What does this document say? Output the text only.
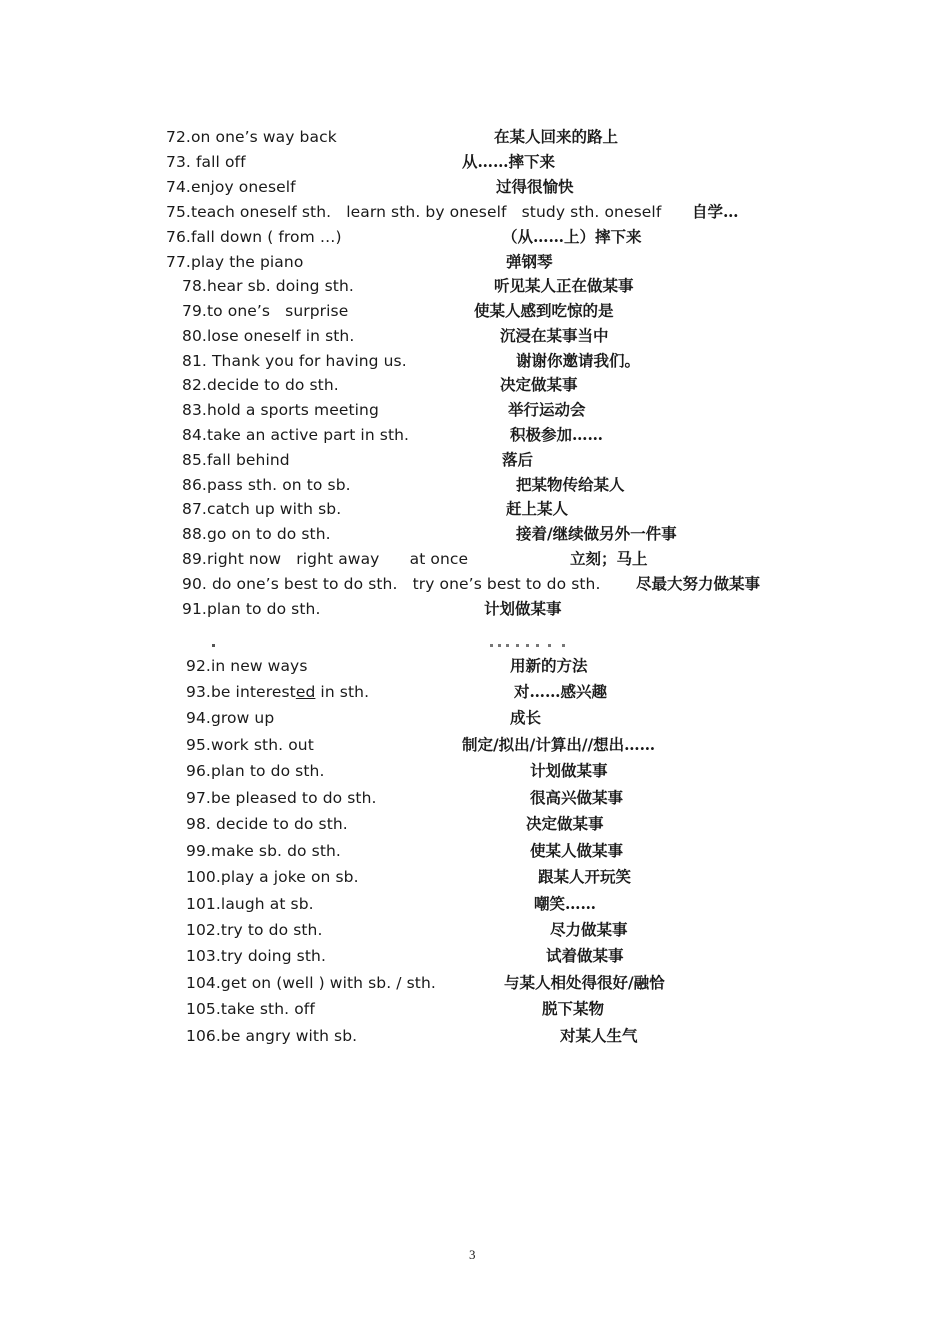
72.on one’s way back	在某人回来的路上
73. fall off	从……摔下来
74.enjoy oneself	过得很愉快
75.teach oneself sth.   learn sth. by oneself   study sth. oneself 自学…
76.fall down ( from …)	（从……上）摔下来
77.play the piano	弹钢琴
78.hear sb. doing sth.	听见某人正在做某事
79.to one’s   surprise	使某人感到吃惊的是
80.lose oneself in sth.	沉浸在某事当中
81. Thank you for having us.	谢谢你邀请我们。
82.decide to do sth.	决定做某事
83.hold a sports meeting	举行运动会
84.take an active part in sth.	积极参加……
85.fall behind	落后
86.pass sth. on to sb.	把某物传给某人
87.catch up with sb.	赶上某人
88.go on to do sth.	接着/继续做另外一件事
89.right now   right away      at once	立刻；马上
90. do one’s best to do sth.   try one’s best to do sth. 尽最大努力做某事
91.plan to do sth.	计划做某事
92.in new ways	用新的方法
93.be interested in sth.	对……感兴趣
94.grow up	成长
95.work sth. out	制定/拟出/计算出//想出……
96.plan to do sth.	计划做某事
97.be pleased to do sth.	很高兴做某事
98. decide to do sth.	决定做某事
99.make sb. do sth.	使某人做某事
100.play a joke on sb.	跟某人开玩笑
101.laugh at sb.	嘲笑……
102.try to do sth.	尽力做某事
103.try doing sth.	试着做某事
104.get on (well ) with sb. / sth.	与某人相处得很好/融恰
105.take sth. off	脱下某物
106.be angry with sb.	对某人生气
3
